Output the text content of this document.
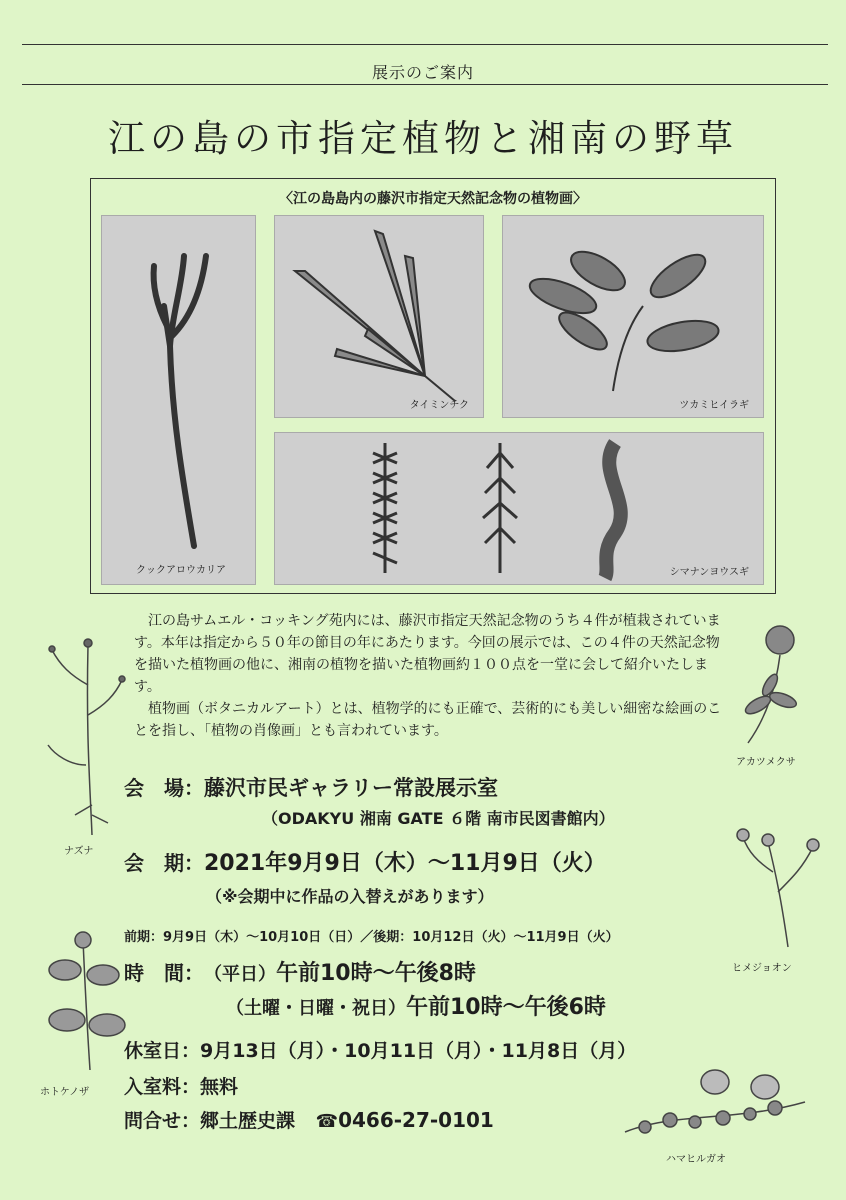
展示のご案内
江の島の市指定植物と湘南の野草
〈江の島島内の藤沢市指定天然記念物の植物画〉
クックアロウカリア
タイミンチク	ツカミヒイラギ
シマナンヨウスギ

江の島サムエル・コッキング苑内には、藤沢市指定天然記念物のうち４件が植栽されています。本年は指定から５０年の節目の年にあたります。今回の展示では、この４件の天然記念物を描いた植物画の他に、湘南の植物を描いた植物画約１００点を一堂に会して紹介いたします。

植物画（ボタニカルアート）とは、植物学的にも正確で、芸術的にも美しい細密な絵画のことを指し、「植物の肖像画」とも言われています。

会　場：藤沢市民ギャラリー常設展示室
（ODAKYU 湘南 GATE ６階 南市民図書館内）
会　期：2021年9月9日（木）～11月9日（火）
（※会期中に作品の入替えがあります）
前期：9月9日（木）～10月10日（日）／後期：10月12日（火）～11月9日（火）
時　間：（平日）午前10時～午後8時
（土曜・日曜・祝日）午前10時～午後6時
休室日：9月13日（月）・10月11日（月）・11月8日（月）
入室料：無料
問合せ：郷土歴史課 ☎0466-27-0101
ナズナ
アカツメクサ
ヒメジョオン
ホトケノザ
ハマヒルガオ
